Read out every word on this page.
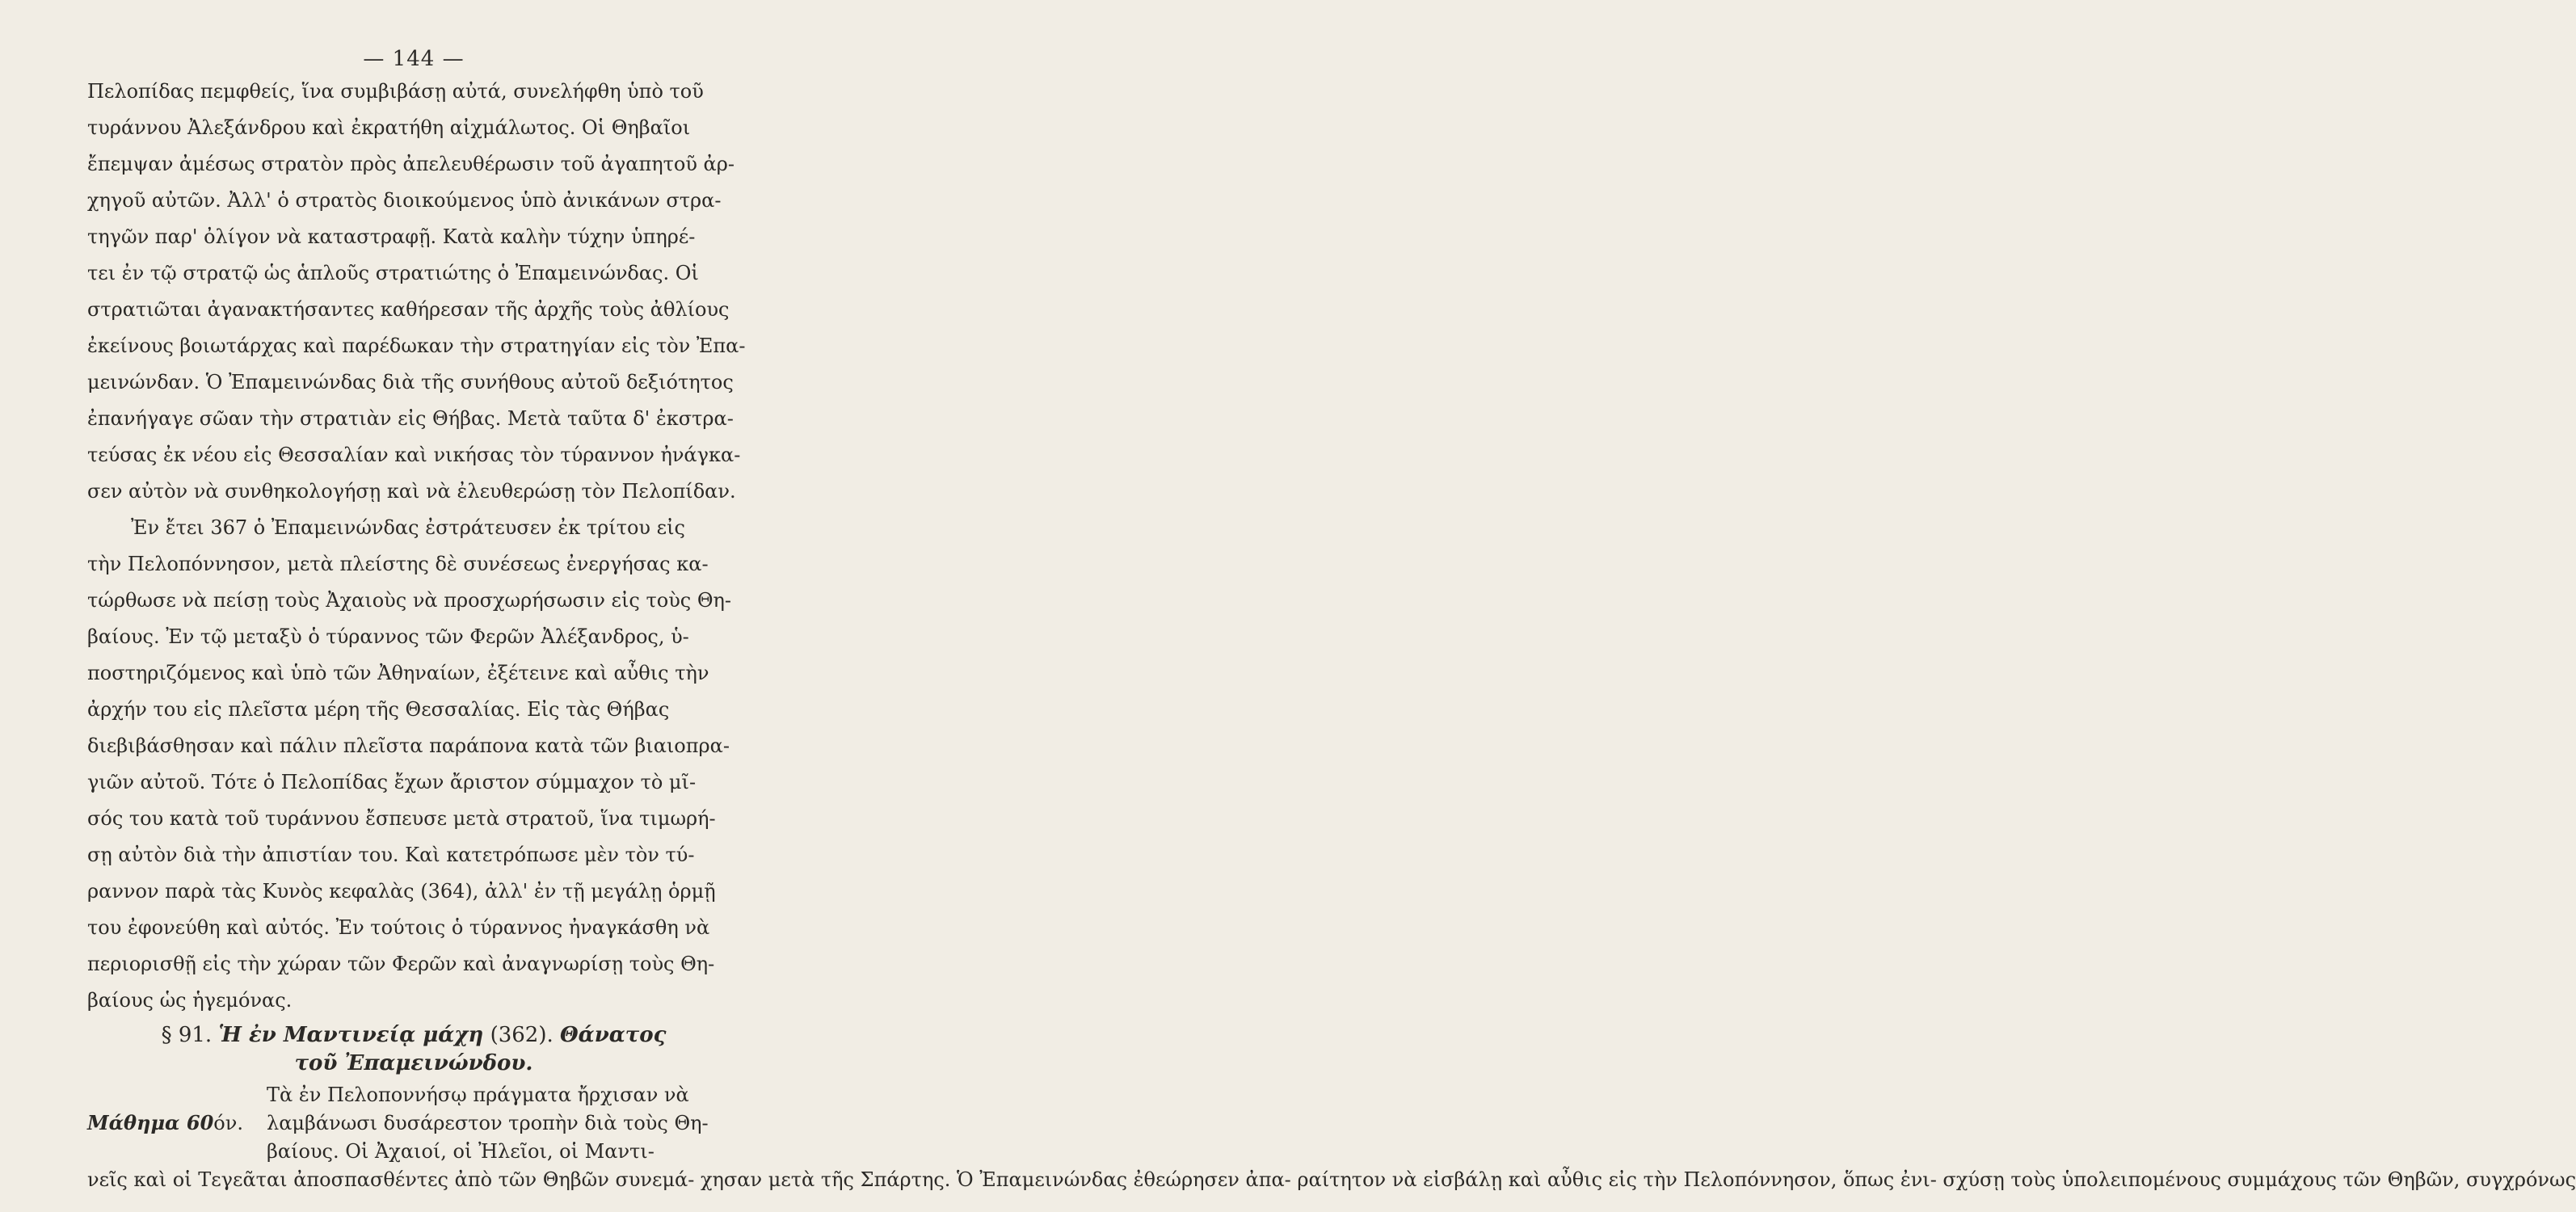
— 144 —
Πελοπίδας πεμφθείς, ἵνα συμβιβάσῃ αὐτά, συνελήφθη ὑπὸ τοῦ
τυράννου Ἀλεξάνδρου καὶ ἐκρατήθη αἰχμάλωτος. Οἱ Θηβαῖοι
ἔπεμψαν ἀμέσως στρατὸν πρὸς ἀπελευθέρωσιν τοῦ ἀγαπητοῦ ἀρ-
χηγοῦ αὐτῶν. Ἀλλ' ὁ στρατὸς διοικούμενος ὑπὸ ἀνικάνων στρα-
τηγῶν παρ' ὀλίγον νὰ καταστραφῇ. Κατὰ καλὴν τύχην ὑπηρέ-
τει ἐν τῷ στρατῷ ὡς ἁπλοῦς στρατιώτης ὁ Ἐπαμεινώνδας. Οἱ
στρατιῶται ἀγανακτήσαντες καθήρεσαν τῆς ἀρχῆς τοὺς ἀθλίους
ἐκείνους βοιωτάρχας καὶ παρέδωκαν τὴν στρατηγίαν εἰς τὸν Ἐπα-
μεινώνδαν. Ὁ Ἐπαμεινώνδας διὰ τῆς συνήθους αὐτοῦ δεξιότητος
ἐπανήγαγε σῶαν τὴν στρατιὰν εἰς Θήβας. Μετὰ ταῦτα δ' ἐκστρα-
τεύσας ἐκ νέου εἰς Θεσσαλίαν καὶ νικήσας τὸν τύραννον ἠνάγκα-
σεν αὐτὸν νὰ συνθηκολογήσῃ καὶ νὰ ἐλευθερώσῃ τὸν Πελοπίδαν.
Ἐν ἔτει 367 ὁ Ἐπαμεινώνδας ἐστράτευσεν ἐκ τρίτου εἰς
τὴν Πελοπόννησον, μετὰ πλείστης δὲ συνέσεως ἐνεργήσας κα-
τώρθωσε νὰ πείσῃ τοὺς Ἀχαιοὺς νὰ προσχωρήσωσιν εἰς τοὺς Θη-
βαίους. Ἐν τῷ μεταξὺ ὁ τύραννος τῶν Φερῶν Ἀλέξανδρος, ὑ-
ποστηριζόμενος καὶ ὑπὸ τῶν Ἀθηναίων, ἐξέτεινε καὶ αὖθις τὴν
ἀρχήν του εἰς πλεῖστα μέρη τῆς Θεσσαλίας. Εἰς τὰς Θήβας
διεβιβάσθησαν καὶ πάλιν πλεῖστα παράπονα κατὰ τῶν βιαιοπρα-
γιῶν αὐτοῦ. Τότε ὁ Πελοπίδας ἔχων ἄριστον σύμμαχον τὸ μῖ-
σός του κατὰ τοῦ τυράννου ἔσπευσε μετὰ στρατοῦ, ἵνα τιμωρή-
σῃ αὐτὸν διὰ τὴν ἀπιστίαν του. Καὶ κατετρόπωσε μὲν τὸν τύ-
ραννον παρὰ τὰς Κυνὸς κεφαλὰς (364), ἀλλ' ἐν τῇ μεγάλῃ ὁρμῇ
του ἐφονεύθη καὶ αὐτός. Ἐν τούτοις ὁ τύραννος ἠναγκάσθη νὰ
περιορισθῇ εἰς τὴν χώραν τῶν Φερῶν καὶ ἀναγνωρίσῃ τοὺς Θη-
βαίους ὡς ἡγεμόνας.
§ 91. Ἡ ἐν Μαντινείᾳ μάχη (362). Θάνατος
τοῦ Ἐπαμεινώνδου.
Μάθημα 60όν.
Τὰ ἐν Πελοποννήσῳ πράγματα ἤρχισαν νὰ
λαμβάνωσι δυσάρεστον τροπὴν διὰ τοὺς Θη-
βαίους. Οἱ Ἀχαιοί, οἱ Ἠλεῖοι, οἱ Μαντι-
νεῖς καὶ οἱ Τεγεᾶται ἀποσπασθέντες ἀπὸ τῶν Θηβῶν συνεμά- χησαν μετὰ τῆς Σπάρτης. Ὁ Ἐπαμεινώνδας ἐθεώρησεν ἀπα- ραίτητον νὰ εἰσβάλῃ καὶ αὖθις εἰς τὴν Πελοπόννησον, ὅπως ἐνι- σχύσῃ τοὺς ὑπολειπομένους συμμάχους τῶν Θηβῶν, συγχρόνως
